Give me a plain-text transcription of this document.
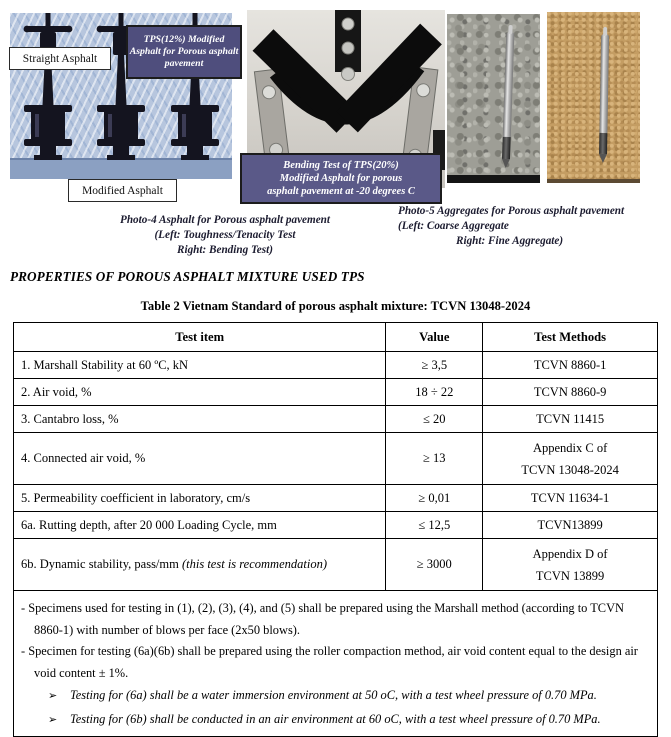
Straight Asphalt
TPS(12%) Modified Asphalt for Porous asphalt pavement
Modified Asphalt
Bending Test of TPS(20%)
Modified Asphalt for porous
asphalt pavement at -20 degrees C
Photo-4 Asphalt for Porous asphalt pavement
(Left: Toughness/Tenacity Test
Right: Bending Test)
Photo-5 Aggregates for Porous asphalt pavement
(Left: Coarse Aggregate
Right: Fine Aggregate)
PROPERTIES OF POROUS ASPHALT MIXTURE USED TPS
Table 2 Vietnam Standard of porous asphalt mixture: TCVN 13048-2024
Test item	Value	Test Methods
1. Marshall Stability at 60 ºC, kN	≥ 3,5	TCVN 8860-1

2. Air void, %	18 ÷ 22	TCVN 8860-9

3. Cantabro loss, %	≤ 20	TCVN 11415

4. Connected air void, %	≥ 13	Appendix C of
TCVN 13048-2024

5. Permeability coefficient in laboratory, cm/s	≥ 0,01	TCVN 11634-1

6a. Rutting depth, after 20 000 Loading Cycle, mm	≤ 12,5	TCVN13899

6b. Dynamic stability, pass/mm (this test is recommendation)	≥ 3000	Appendix D of
TCVN 13899

- Specimens used for testing in (1), (2), (3), (4), and (5) shall be prepared using the Marshall method (according to TCVN 8860-1) with number of blows per face (2x50 blows).
- Specimen for testing (6a)(6b) shall be prepared using the roller compaction method, air void content equal to the design air void content ± 1%.
➢ Testing for (6a) shall be a water immersion environment at 50 oC, with a test wheel pressure of 0.70 MPa.
➢ Testing for (6b) shall be conducted in an air environment at 60 oC, with a test wheel pressure of 0.70 MPa.		
